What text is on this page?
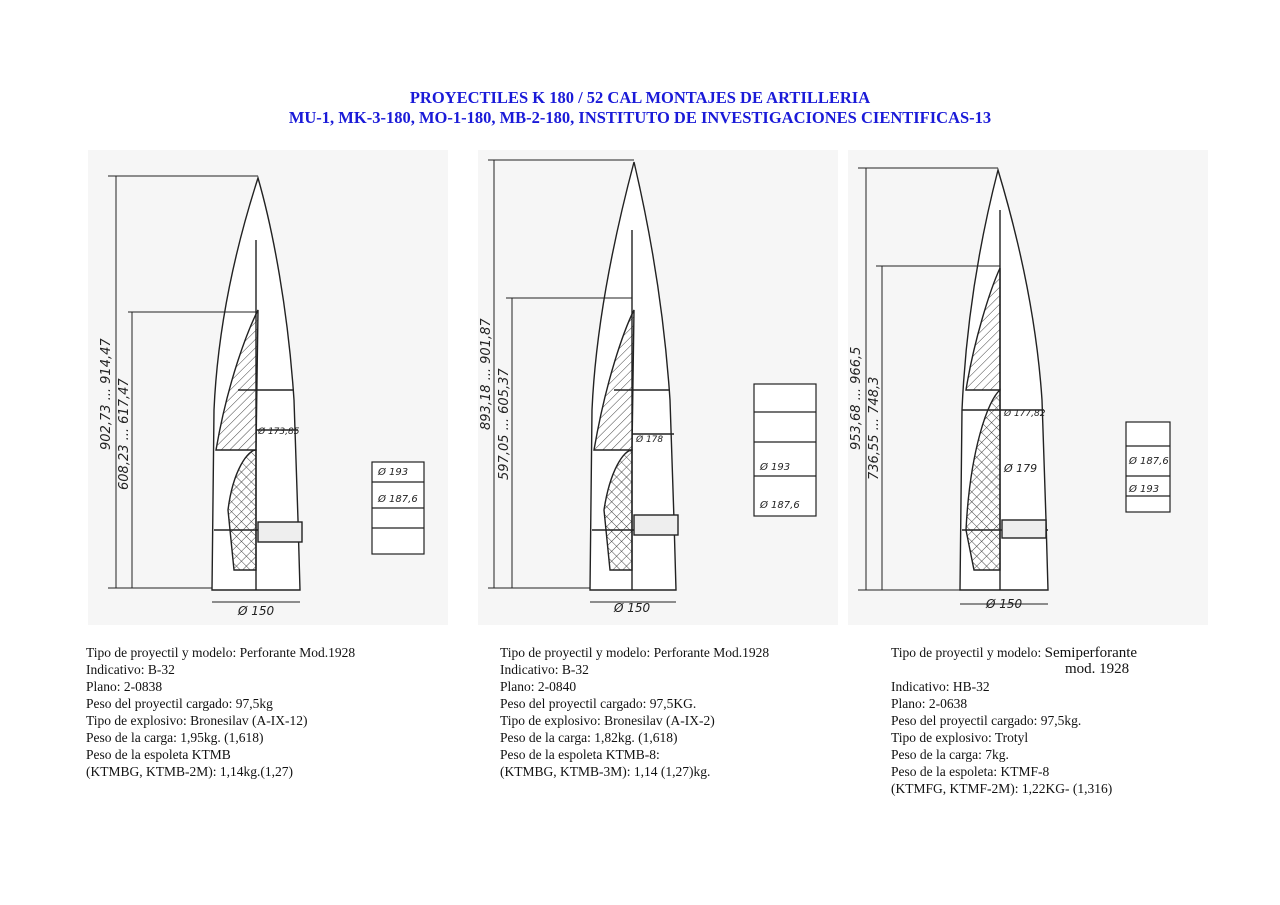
PROYECTILES K 180 / 52 CAL MONTAJES DE ARTILLERIA
MU-1, MK-3-180, MO-1-180, MB-2-180, INSTITUTO DE INVESTIGACIONES CIENTIFICAS-13
902,73 ... 914,47 608,23 ... 617,47	Ø 173,85
Ø 150
Ø 193
Ø 187,6
893,18 ... 901,87 597,05 ... 605,37	Ø 178
Ø 150
Ø 193
Ø 187,6
953,68 ... 966,5 736,55 ... 748,3	Ø 177,82
Ø 179
Ø 150
Ø 187,6
Ø 193
Tipo de proyectil y modelo: Perforante Mod.1928
Indicativo: B-32
Plano: 2-0838
Peso del proyectil cargado: 97,5kg
Tipo de explosivo: Bronesilav (A-IX-12)
Peso de la carga: 1,95kg. (1,618)
Peso de la espoleta KTMB
(KTMBG, KTMB-2M): 1,14kg.(1,27)
Tipo de proyectil y modelo: Perforante Mod.1928
Indicativo: B-32
Plano: 2-0840
Peso del proyectil cargado: 97,5KG.
Tipo de explosivo: Bronesilav (A-IX-2)
Peso de la carga: 1,82kg. (1,618)
Peso de la espoleta KTMB-8:
(KTMBG, KTMB-3M): 1,14 (1,27)kg.
Tipo de proyectil y modelo: Semiperforante
mod. 1928
Indicativo: HB-32
Plano: 2-0638
Peso del proyectil cargado: 97,5kg.
Tipo de explosivo: Trotyl
Peso de la carga: 7kg.
Peso de la espoleta: KTMF-8
(KTMFG, KTMF-2M): 1,22KG- (1,316)
